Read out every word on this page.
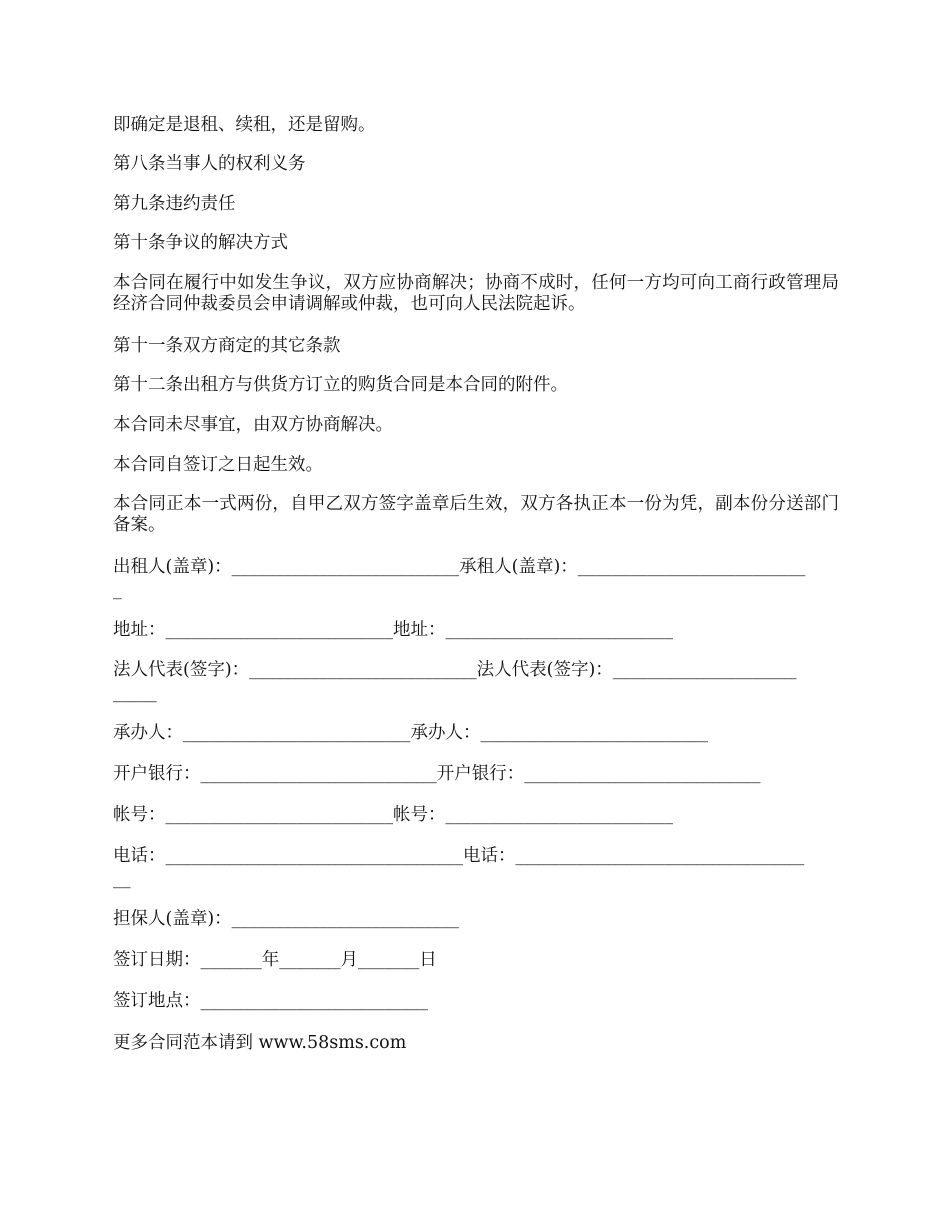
即确定是退租、续租，还是留购。
第八条当事人的权利义务
第九条违约责任
第十条争议的解决方式
本合同在履行中如发生争议，双方应协商解决；协商不成时，任何一方均可向工商行政管理局经济合同仲裁委员会申请调解或仲裁，也可向人民法院起诉。
第十一条双方商定的其它条款
第十二条出租方与供货方订立的购货合同是本合同的附件。
本合同未尽事宜，由双方协商解决。
本合同自签订之日起生效。
本合同正本一式两份，自甲乙双方签字盖章后生效，双方各执正本一份为凭，副本份分送部门备案。
出租人(盖章)：__________________________承租人(盖章)：__________________________
_
地址：__________________________地址：__________________________
法人代表(签字)：__________________________法人代表(签字)：_____________________
_____
承办人：__________________________承办人：__________________________
开户银行：___________________________开户银行：___________________________
帐号：__________________________帐号：__________________________
电话：__________________________________电话：_________________________________
__
担保人(盖章)：__________________________
签订日期：_______年_______月_______日
签订地点：__________________________
更多合同范本请到 www.58sms.com
